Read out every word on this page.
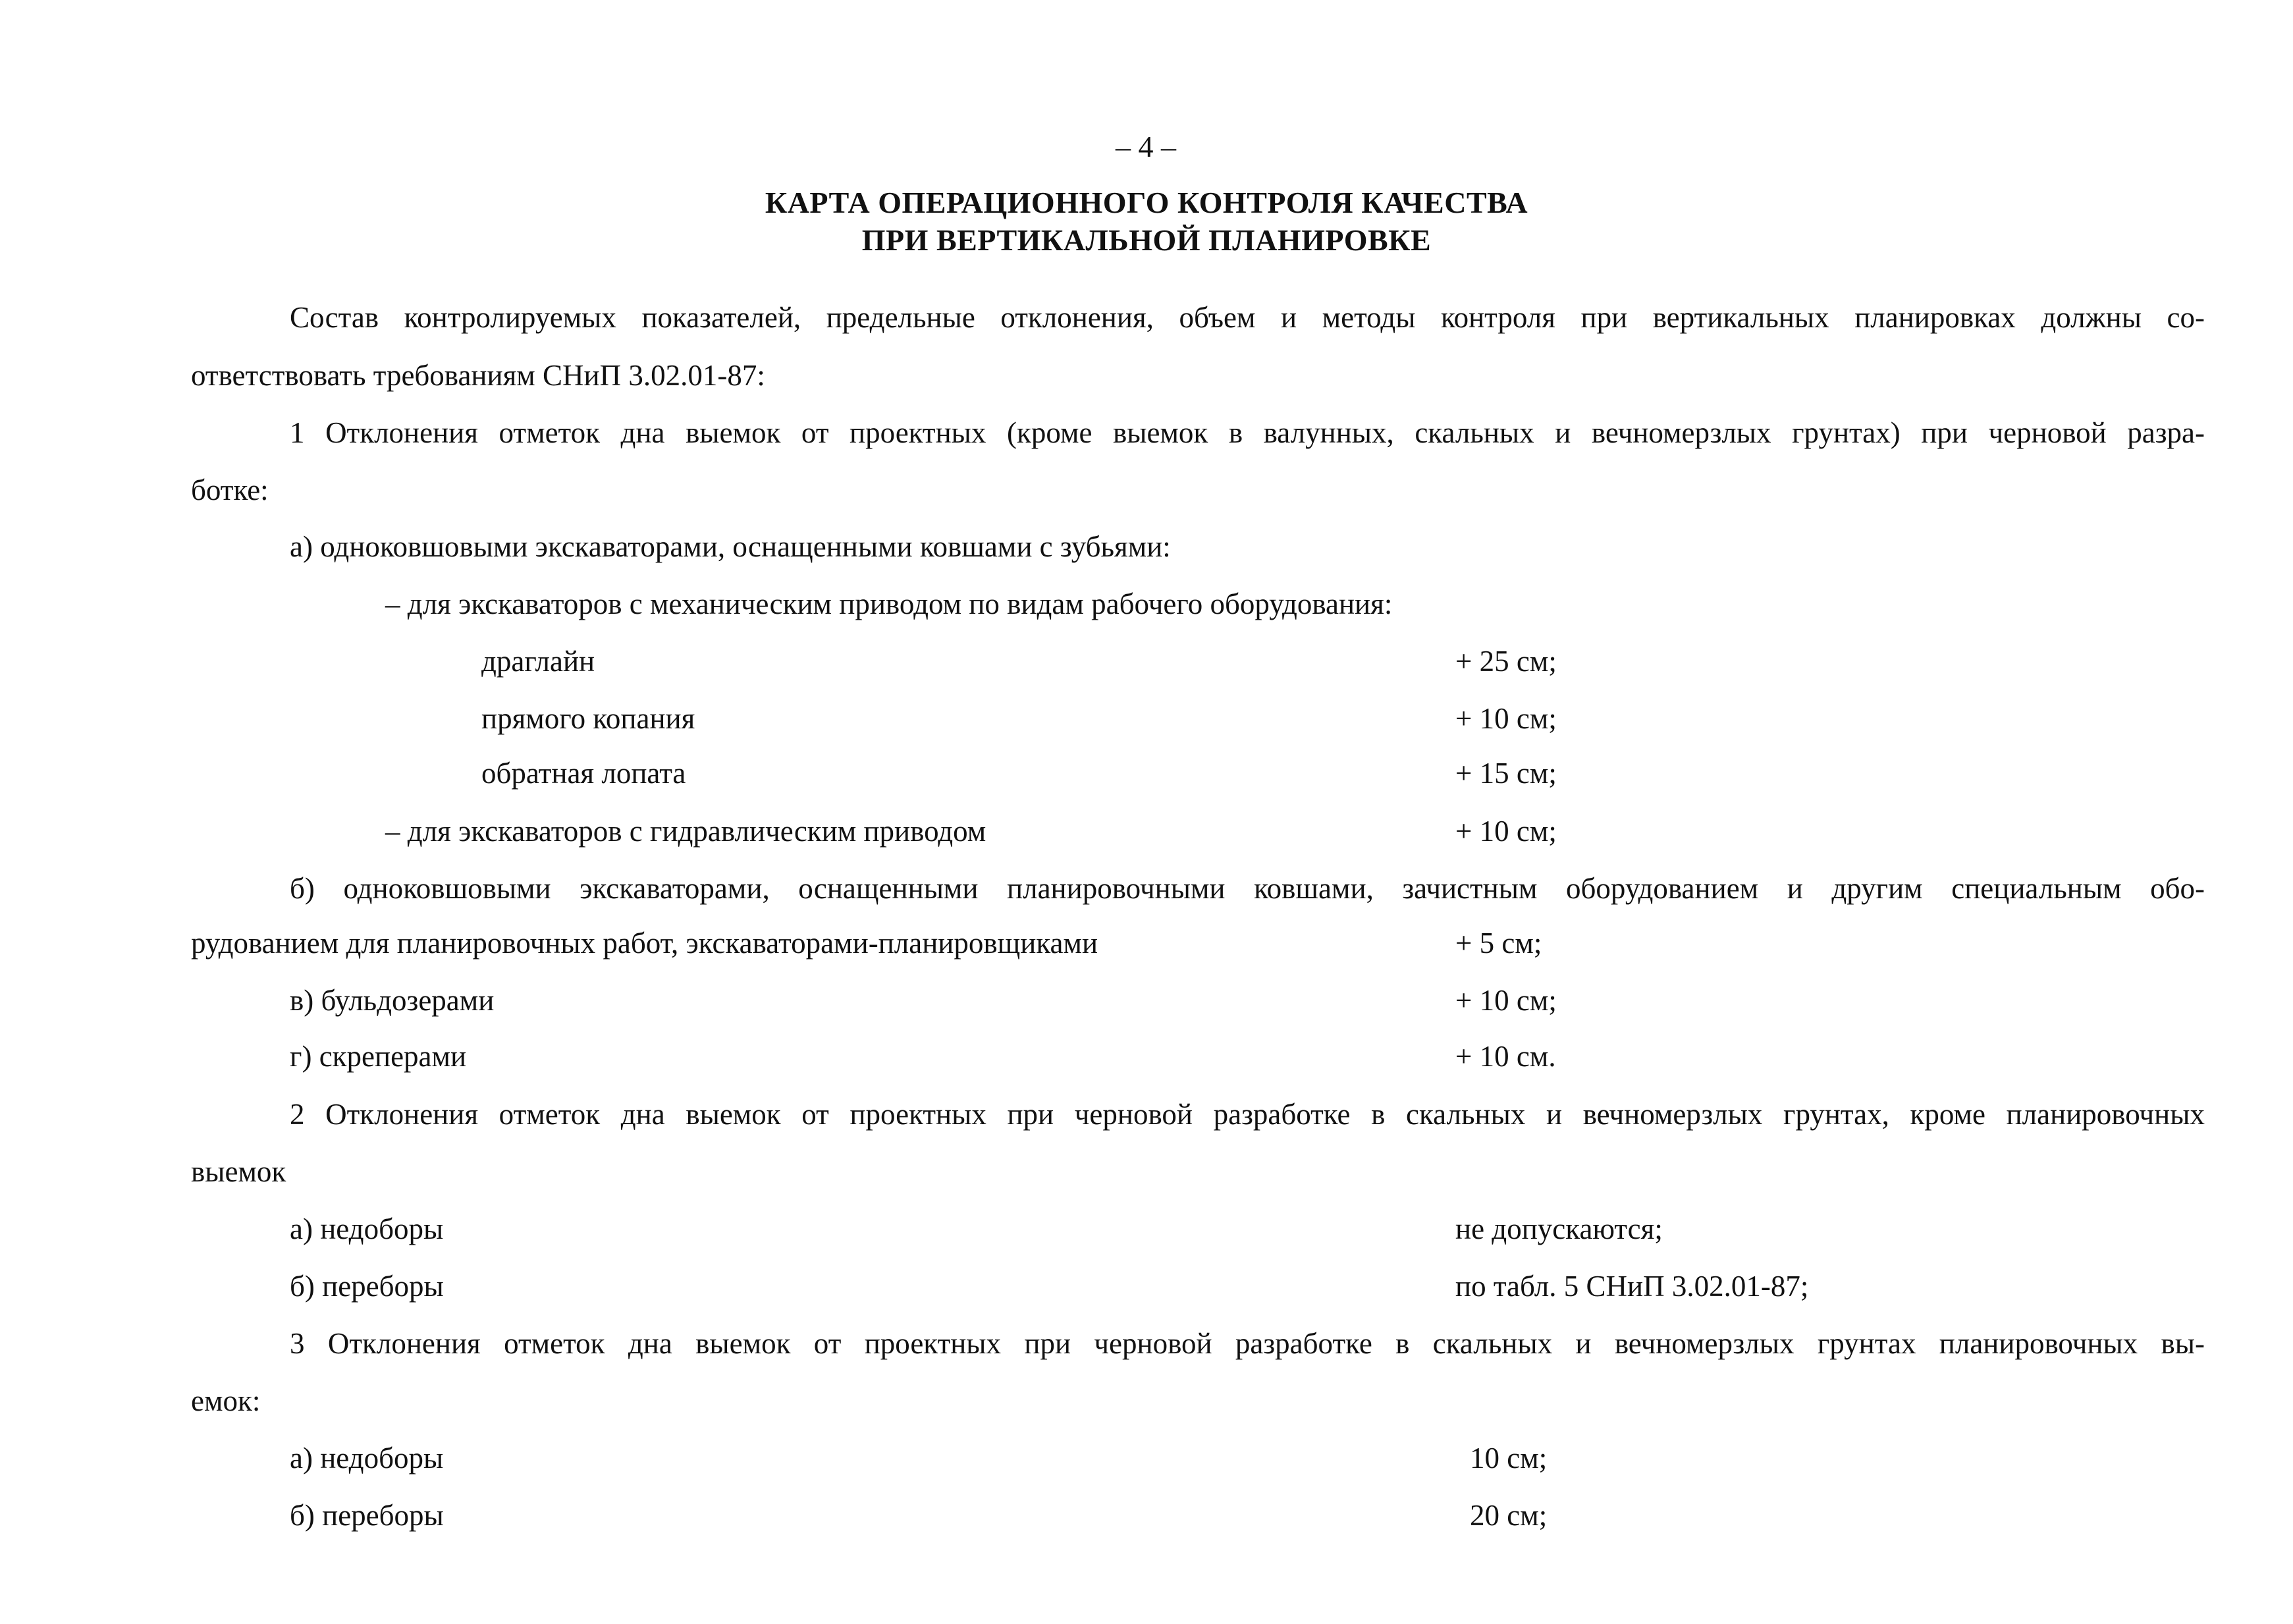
– 4 –
КАРТА ОПЕРАЦИОННОГО КОНТРОЛЯ КАЧЕСТВА
ПРИ ВЕРТИКАЛЬНОЙ ПЛАНИРОВКЕ
Состав контролируемых показателей, предельные отклонения, объем и методы контроля при вертикальных планировках должны со-
ответствовать требованиям СНиП 3.02.01-87:
1 Отклонения отметок дна выемок от проектных (кроме выемок в валунных, скальных и вечномерзлых грунтах) при черновой разра-
ботке:
а) одноковшовыми экскаваторами, оснащенными ковшами с зубьями:
– для экскаваторов с механическим приводом по видам рабочего оборудования:
драглайн	+ 25 см;
прямого копания	+ 10 см;
обратная лопата	+ 15 см;
– для экскаваторов с гидравлическим приводом	+ 10 см;
б) одноковшовыми экскаваторами, оснащенными планировочными ковшами, зачистным оборудованием и другим специальным обо-
рудованием для планировочных работ, экскаваторами-планировщиками	+ 5 см;
в) бульдозерами	+ 10 см;
г) скреперами	+ 10 см.
2 Отклонения отметок дна выемок от проектных при черновой разработке в скальных и вечномерзлых грунтах, кроме планировочных
выемок
а) недоборы	не допускаются;
б) переборы	по табл. 5 СНиП 3.02.01-87;
3 Отклонения отметок дна выемок от проектных при черновой разработке в скальных и вечномерзлых грунтах планировочных вы-
емок:
а) недоборы	10 см;
б) переборы	20 см;
